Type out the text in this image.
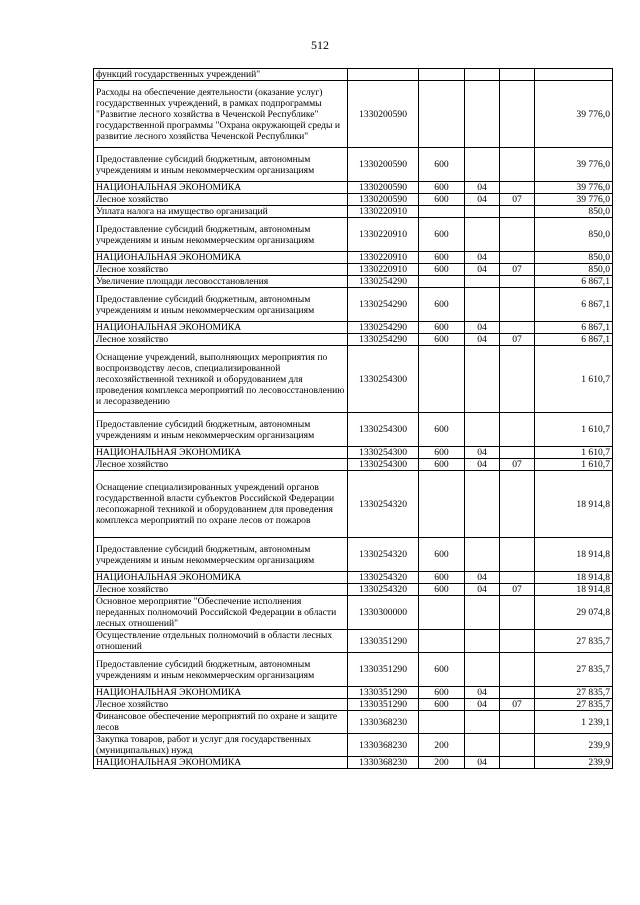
512
функций государственных учреждений"					
Расходы на обеспечение деятельности (оказание услуг) государственных учреждений, в рамках подпрограммы "Развитие лесного хозяйства в Чеченской Республике" государственной программы "Охрана окружающей среды и развитие лесного хозяйства Чеченской Республики"	1330200590				39 776,0
Предоставление субсидий бюджетным, автономным учреждениям и иным некоммерческим организациям	1330200590	600			39 776,0
НАЦИОНАЛЬНАЯ ЭКОНОМИКА	1330200590	600	04		39 776,0
Лесное хозяйство	1330200590	600	04	07	39 776,0
Уплата налога на имущество организаций	1330220910				850,0
Предоставление субсидий бюджетным, автономным учреждениям и иным некоммерческим организациям	1330220910	600			850,0
НАЦИОНАЛЬНАЯ ЭКОНОМИКА	1330220910	600	04		850,0
Лесное хозяйство	1330220910	600	04	07	850,0
Увеличение площади лесовосстановления	1330254290				6 867,1
Предоставление субсидий бюджетным, автономным учреждениям и иным некоммерческим организациям	1330254290	600			6 867,1
НАЦИОНАЛЬНАЯ ЭКОНОМИКА	1330254290	600	04		6 867,1
Лесное хозяйство	1330254290	600	04	07	6 867,1
Оснащение учреждений, выполняющих мероприятия по воспроизводству лесов, специализированной лесохозяйственной техникой и оборудованием для проведения комплекса мероприятий по лесовосстановлению и лесоразведению	1330254300				1 610,7
Предоставление субсидий бюджетным, автономным учреждениям и иным некоммерческим организациям	1330254300	600			1 610,7
НАЦИОНАЛЬНАЯ ЭКОНОМИКА	1330254300	600	04		1 610,7
Лесное хозяйство	1330254300	600	04	07	1 610,7
Оснащение специализированных учреждений органов государственной власти субъектов Российской Федерации лесопожарной техникой и оборудованием для проведения комплекса мероприятий по охране лесов от пожаров	1330254320				18 914,8
Предоставление субсидий бюджетным, автономным учреждениям и иным некоммерческим организациям	1330254320	600			18 914,8
НАЦИОНАЛЬНАЯ ЭКОНОМИКА	1330254320	600	04		18 914,8
Лесное хозяйство	1330254320	600	04	07	18 914,8
Основное мероприятие "Обеспечение исполнения переданных полномочий Российской Федерации в области лесных отношений"	1330300000				29 074,8
Осуществление отдельных полномочий в области лесных отношений	1330351290				27 835,7
Предоставление субсидий бюджетным, автономным учреждениям и иным некоммерческим организациям	1330351290	600			27 835,7
НАЦИОНАЛЬНАЯ ЭКОНОМИКА	1330351290	600	04		27 835,7
Лесное хозяйство	1330351290	600	04	07	27 835,7
Финансовое обеспечение мероприятий по охране и защите лесов	1330368230				1 239,1
Закупка товаров, работ и услуг для государственных (муниципальных) нужд	1330368230	200			239,9
НАЦИОНАЛЬНАЯ ЭКОНОМИКА	1330368230	200	04		239,9
